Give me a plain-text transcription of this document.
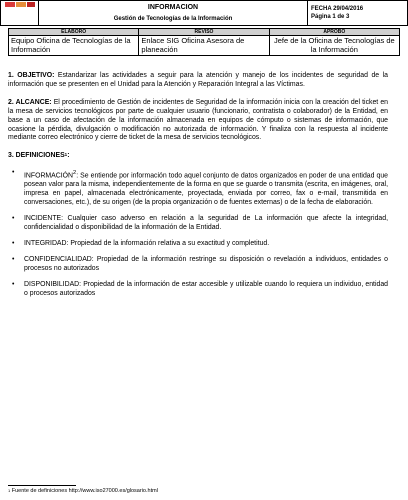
INFORMACIÓN
Gestión de Tecnologías de la Información

FECHA 29/04/2016
Página 1 de 3
ELABORÓ	REVISÓ	APROBÓ
Equipo Oficina de Tecnologías de la Información	Enlace SIG Oficina Asesora de planeación	Jefe de la Oficina de Tecnologías de la Información

1. OBJETIVO: Estandarizar las actividades a seguir para la atención y manejo de los incidentes de seguridad de la información que se presenten en el Unidad para la Atención y Reparación Integral a las Víctimas.

2. ALCANCE: El procedimiento de Gestión de incidentes de Seguridad de la información inicia con la creación del ticket en la mesa de servicios tecnológicos por parte de cualquier usuario (funcionario, contratista o colaborador) de la Entidad, en base a un caso de afectación de la información almacenada en equipos de cómputo o sistemas de información, que ocasione la pérdida, divulgación o modificación no autorizada de información. Y finaliza con la respuesta al incidente mediante correo electrónico y cierre de ticket de la mesa de servicios tecnológicos.

3. DEFINICIONES$^1$:

• INFORMACIÓN$^2$: Se entiende por información todo aquel conjunto de datos organizados en poder de una entidad que posean valor para la misma, independientemente de la forma en que se guarde o transmita (escrita, en imágenes, oral, impresa en papel, almacenada electrónicamente, proyectada, enviada por correo, fax o e-mail, transmitida en conversaciones, etc.), de su origen (de la propia organización o de fuentes externas) o de la fecha de elaboración.
• INCIDENTE: Cualquier caso adverso en relación a la seguridad de La información que afecte la integridad, confidencialidad o disponibilidad de la información de la Entidad.
• INTEGRIDAD: Propiedad de la información relativa a su exactitud y completitud.
• CONFIDENCIALIDAD: Propiedad de la información restringe su disposición o revelación a individuos, entidades o procesos no autorizados
• DISPONIBILIDAD: Propiedad de la información de estar accesible y utilizable cuando lo requiera un individuo, entidad o procesos autorizados
$^1$ Fuente de definiciones http://www.iso27000.es/glosario.html
